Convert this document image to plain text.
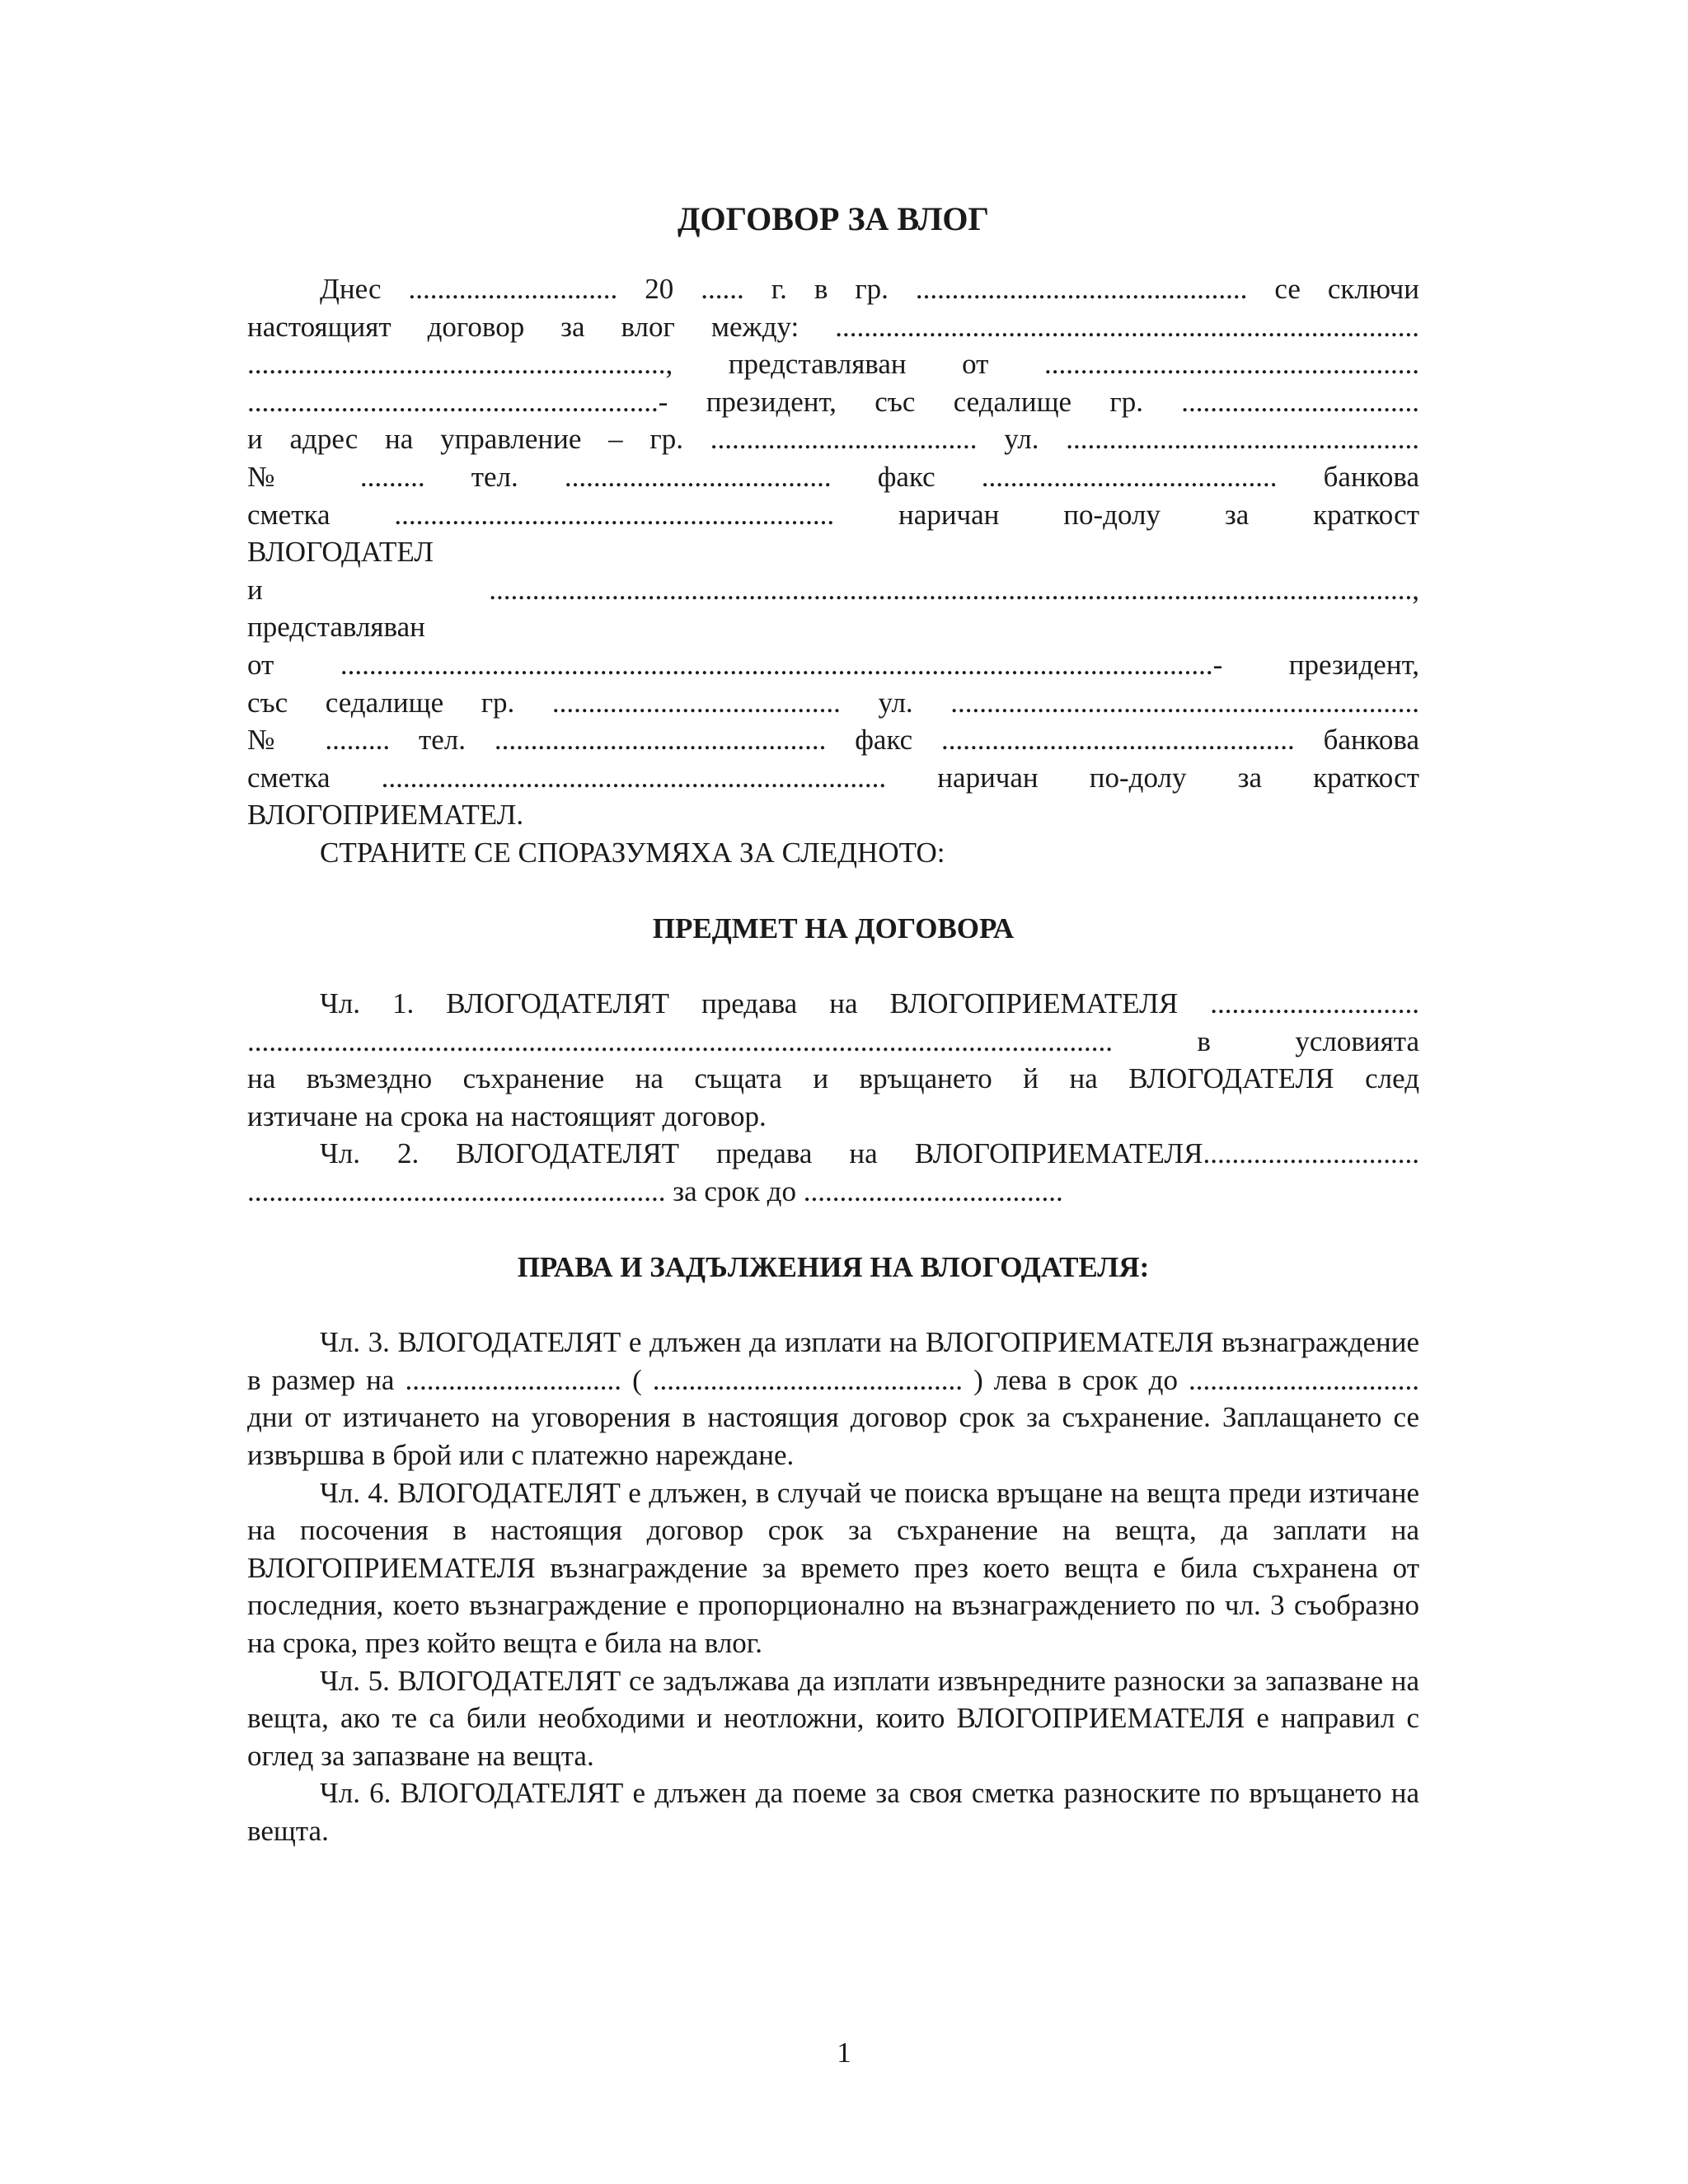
ДОГОВОР ЗА ВЛОГ
Днес ............................. 20 ...... г. в гр. .............................................. се сключи
настоящият договор за влог между: .................................................................................
.........................................................., представляван от ....................................................
.........................................................- президент, със седалище гр. .................................
и адрес на управление – гр. ..................................... ул. .................................................
№ ......... тел. ..................................... факс ......................................... банкова
сметка ............................................................. наричан по-долу за краткост
ВЛОГОДАТЕЛ
и ................................................................................................................................,
представляван
от .........................................................................................................................- президент,
със седалище гр. ........................................ ул. .................................................................
№ ......... тел. .............................................. факс ................................................. банкова
сметка ...................................................................... наричан по-долу за краткост
ВЛОГОПРИЕМАТЕЛ.
СТРАНИТЕ СЕ СПОРАЗУМЯХА ЗА СЛЕДНОТО:
ПРЕДМЕТ НА ДОГОВОРА
Чл. 1. ВЛОГОДАТЕЛЯТ предава на ВЛОГОПРИЕМАТЕЛЯ .............................
........................................................................................................................ в условията
на възмездно съхранение на същата и връщането й на ВЛОГОДАТЕЛЯ след
изтичане на срока на настоящият договор.
Чл. 2. ВЛОГОДАТЕЛЯТ предава на ВЛОГОПРИЕМАТЕЛЯ..............................
.......................................................... за срок до ....................................
ПРАВА И ЗАДЪЛЖЕНИЯ НА ВЛОГОДАТЕЛЯ:

Чл. 3. ВЛОГОДАТЕЛЯТ е длъжен да изплати на ВЛОГОПРИЕМАТЕЛЯ възнаграждение в размер на .............................. ( ........................................... ) лева в срок до ................................ дни от изтичането на уговорения в настоящия договор срок за съхранение. Заплащането се извършва в брой или с платежно нареждане.

Чл. 4. ВЛОГОДАТЕЛЯТ е длъжен, в случай че поиска връщане на вещта преди изтичане на посочения в настоящия договор срок за съхранение на вещта, да заплати на ВЛОГОПРИЕМАТЕЛЯ възнаграждение за времето през което вещта е била съхранена от последния, което възнаграждение е пропорционално на възнаграждението по чл. 3 съобразно на срока, през който вещта е била на влог.

Чл. 5. ВЛОГОДАТЕЛЯТ се задължава да изплати извънредните разноски за запазване на вещта, ако те са били необходими и неотложни, които ВЛОГОПРИЕМАТЕЛЯ е направил с оглед за запазване на вещта.

Чл. 6. ВЛОГОДАТЕЛЯТ е длъжен да поеме за своя сметка разноските по връщането на вещта.

1
